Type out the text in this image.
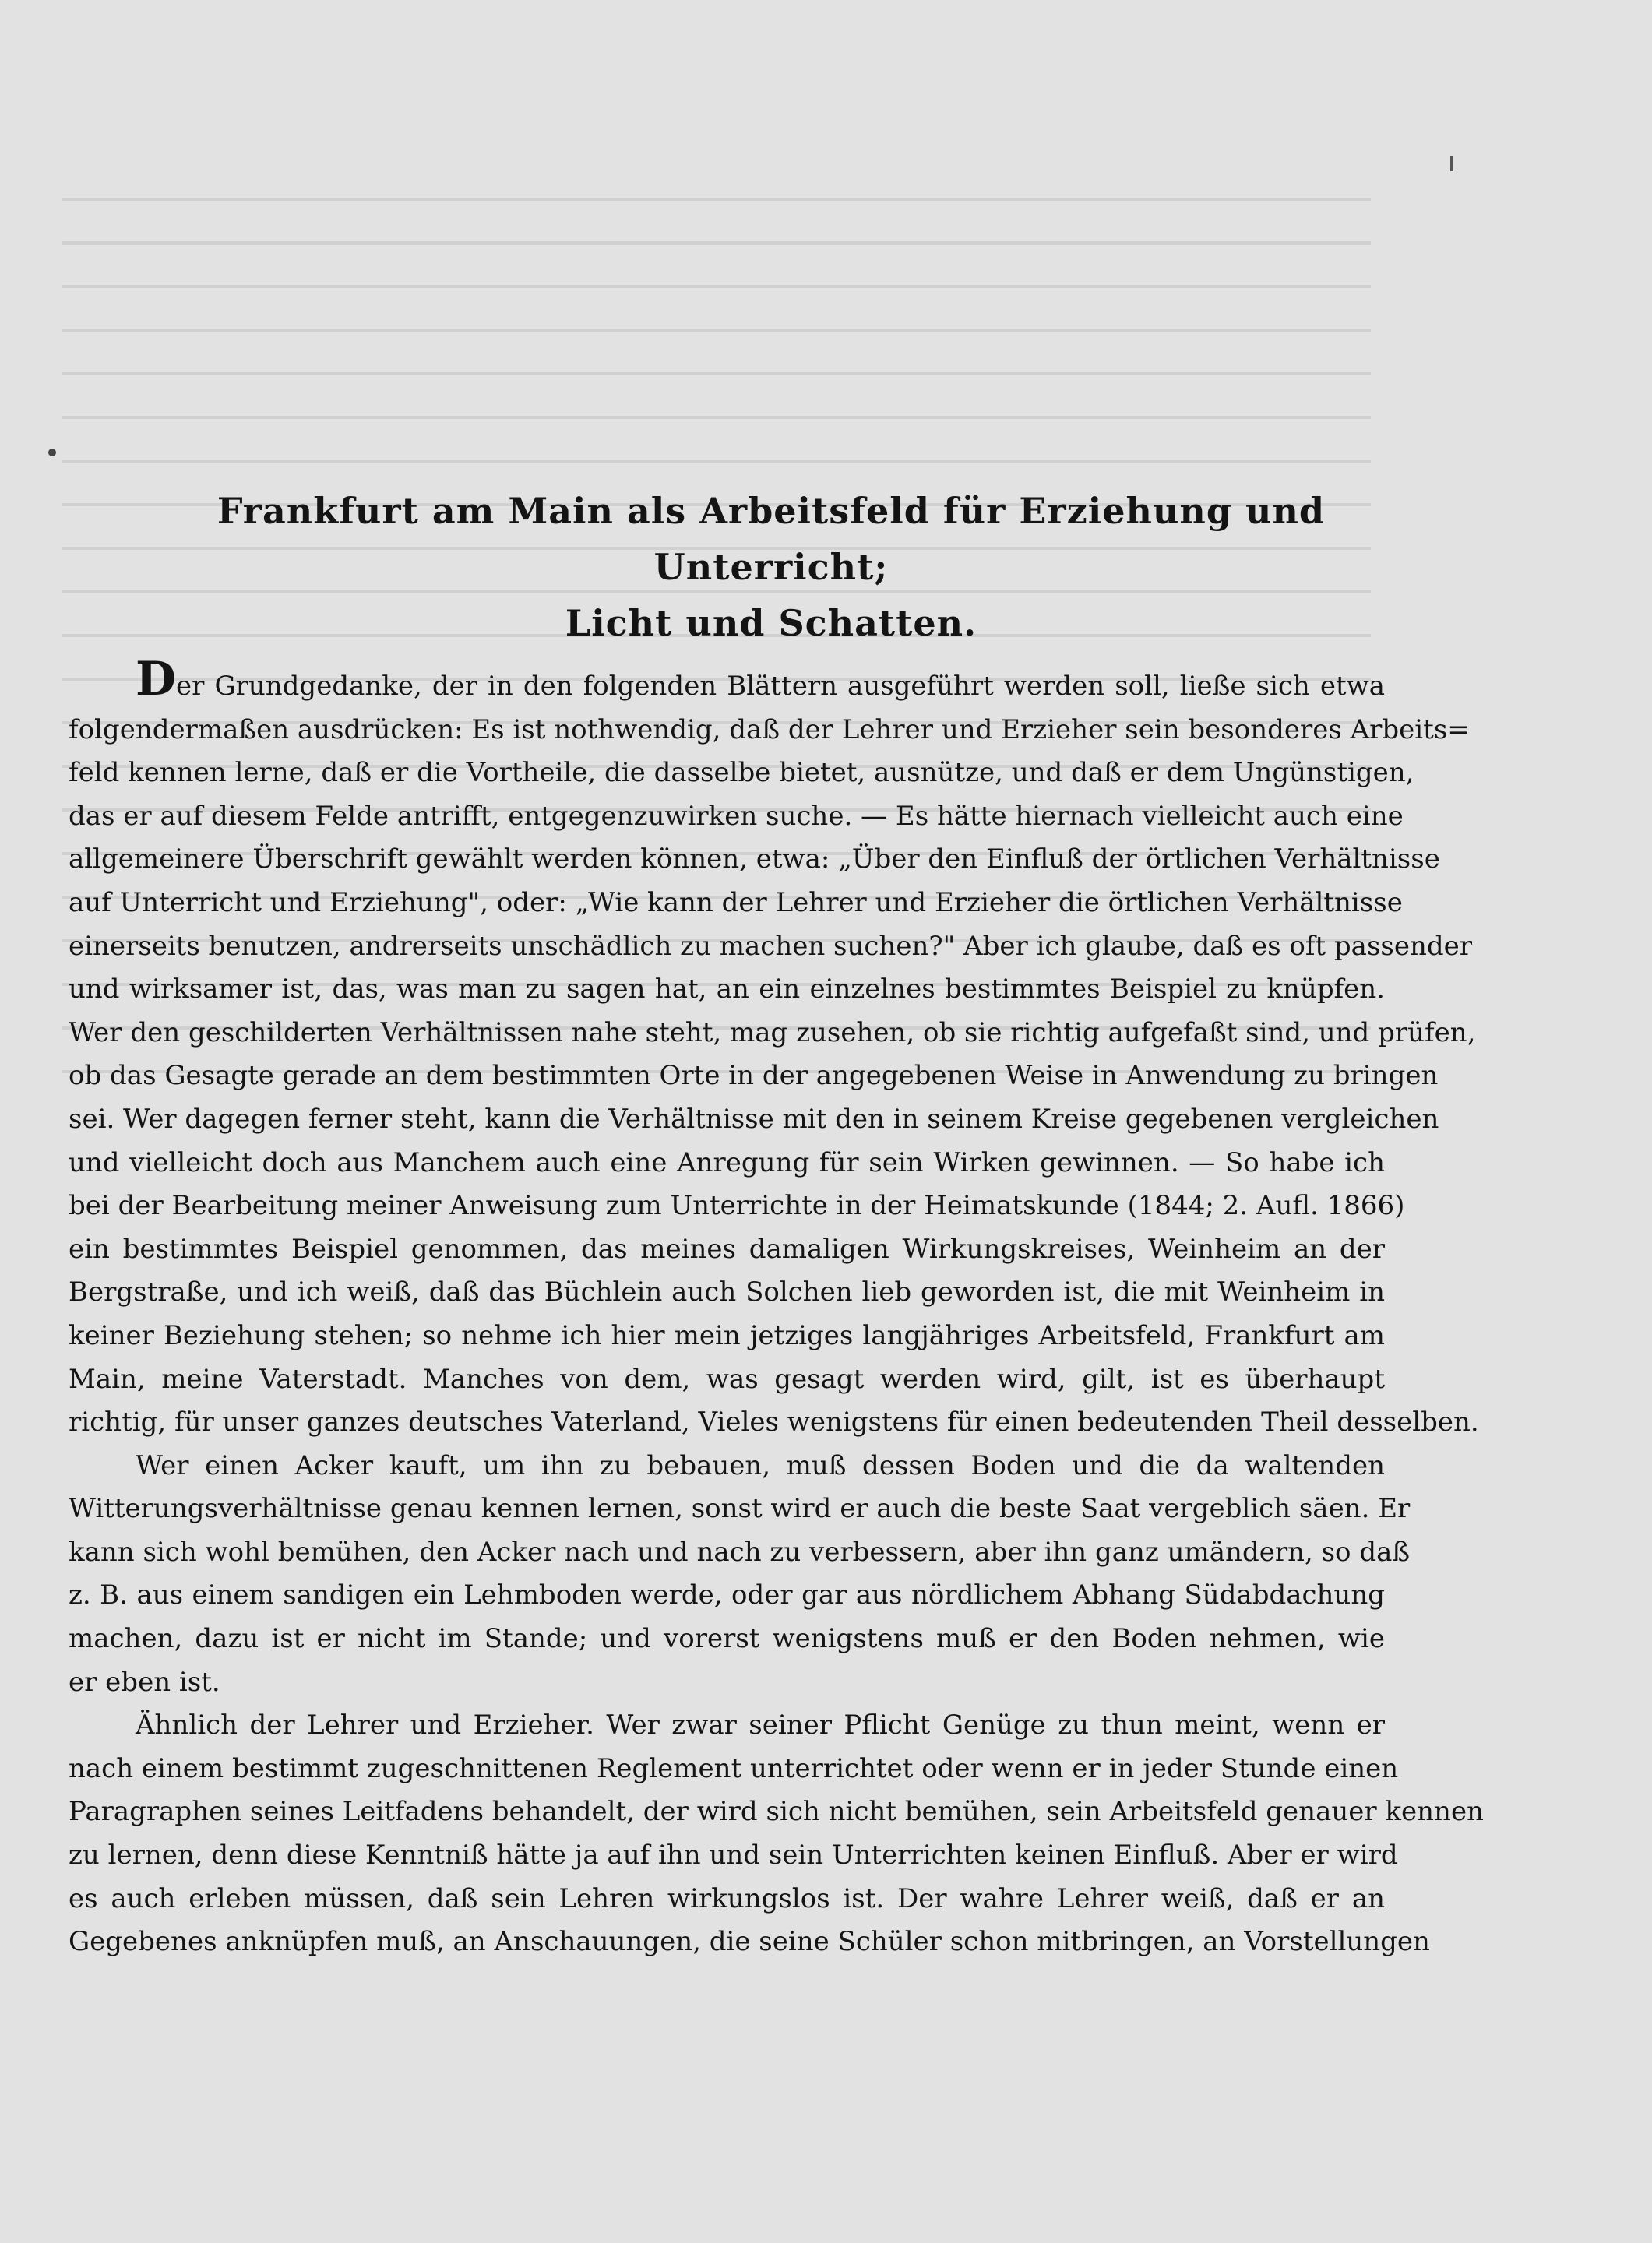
Frankfurt am Main als Arbeitsfeld für Erziehung und Unterricht;
Licht und Schatten.
Der Grundgedanke, der in den folgenden Blättern ausgeführt werden soll, ließe sich etwa
folgendermaßen ausdrücken: Es ist nothwendig, daß der Lehrer und Erzieher sein besonderes Arbeits=
feld kennen lerne, daß er die Vortheile, die dasselbe bietet, ausnütze, und daß er dem Ungünstigen,
das er auf diesem Felde antrifft, entgegenzuwirken suche. — Es hätte hiernach vielleicht auch eine
allgemeinere Überschrift gewählt werden können, etwa: „Über den Einfluß der örtlichen Verhältnisse
auf Unterricht und Erziehung", oder: „Wie kann der Lehrer und Erzieher die örtlichen Verhältnisse
einerseits benutzen, andrerseits unschädlich zu machen suchen?" Aber ich glaube, daß es oft passender
und wirksamer ist, das, was man zu sagen hat, an ein einzelnes bestimmtes Beispiel zu knüpfen.
Wer den geschilderten Verhältnissen nahe steht, mag zusehen, ob sie richtig aufgefaßt sind, und prüfen,
ob das Gesagte gerade an dem bestimmten Orte in der angegebenen Weise in Anwendung zu bringen
sei. Wer dagegen ferner steht, kann die Verhältnisse mit den in seinem Kreise gegebenen vergleichen
und vielleicht doch aus Manchem auch eine Anregung für sein Wirken gewinnen. — So habe ich
bei der Bearbeitung meiner Anweisung zum Unterrichte in der Heimatskunde (1844; 2. Aufl. 1866)
ein bestimmtes Beispiel genommen, das meines damaligen Wirkungskreises, Weinheim an der
Bergstraße, und ich weiß, daß das Büchlein auch Solchen lieb geworden ist, die mit Weinheim in
keiner Beziehung stehen; so nehme ich hier mein jetziges langjähriges Arbeitsfeld, Frankfurt am
Main, meine Vaterstadt. Manches von dem, was gesagt werden wird, gilt, ist es überhaupt
richtig, für unser ganzes deutsches Vaterland, Vieles wenigstens für einen bedeutenden Theil desselben.
Wer einen Acker kauft, um ihn zu bebauen, muß dessen Boden und die da waltenden
Witterungsverhältnisse genau kennen lernen, sonst wird er auch die beste Saat vergeblich säen. Er
kann sich wohl bemühen, den Acker nach und nach zu verbessern, aber ihn ganz umändern, so daß
z. B. aus einem sandigen ein Lehmboden werde, oder gar aus nördlichem Abhang Südabdachung
machen, dazu ist er nicht im Stande; und vorerst wenigstens muß er den Boden nehmen, wie
er eben ist.
Ähnlich der Lehrer und Erzieher. Wer zwar seiner Pflicht Genüge zu thun meint, wenn er
nach einem bestimmt zugeschnittenen Reglement unterrichtet oder wenn er in jeder Stunde einen
Paragraphen seines Leitfadens behandelt, der wird sich nicht bemühen, sein Arbeitsfeld genauer kennen
zu lernen, denn diese Kenntniß hätte ja auf ihn und sein Unterrichten keinen Einfluß. Aber er wird
es auch erleben müssen, daß sein Lehren wirkungslos ist. Der wahre Lehrer weiß, daß er an
Gegebenes anknüpfen muß, an Anschauungen, die seine Schüler schon mitbringen, an Vorstellungen
